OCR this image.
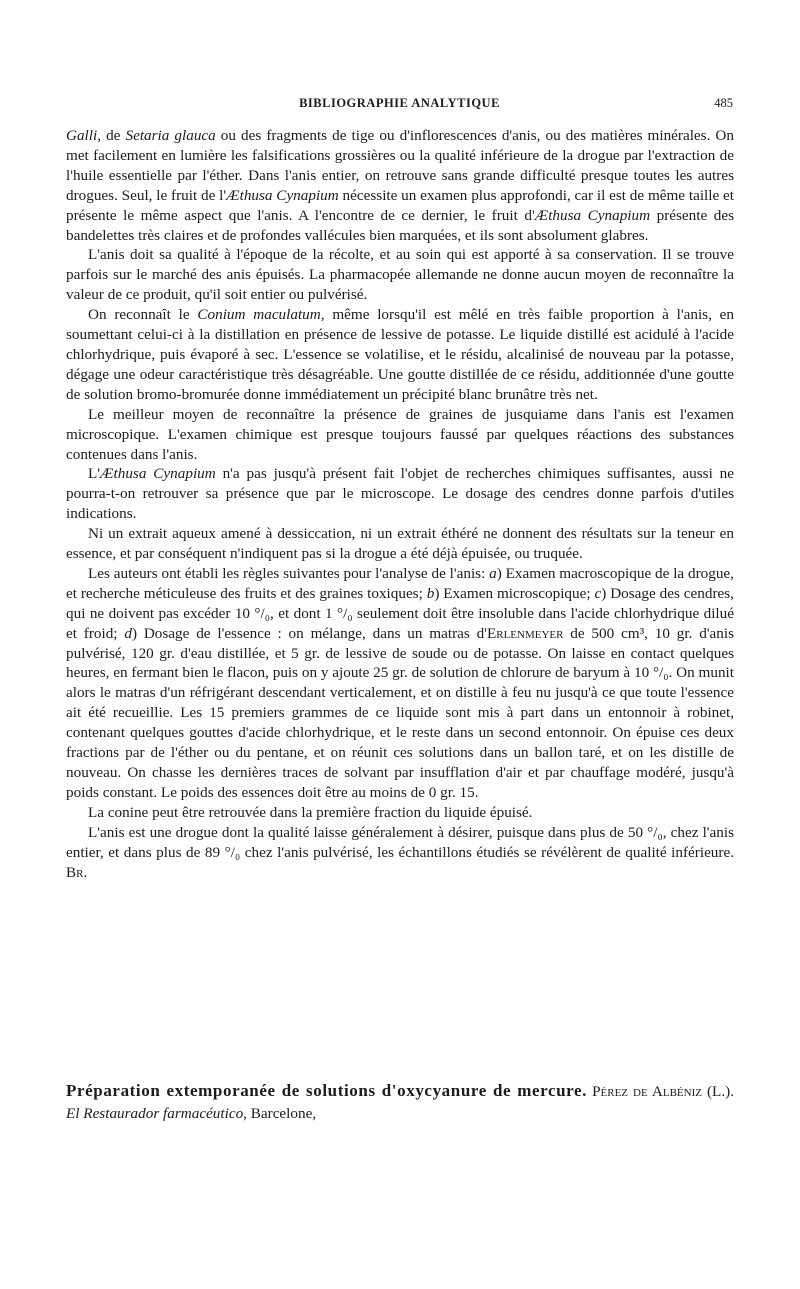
BIBLIOGRAPHIE ANALYTIQUE	485

Galli, de Setaria glauca ou des fragments de tige ou d'inflorescences d'anis, ou des matières minérales. On met facilement en lumière les falsifications grossières ou la qualité inférieure de la drogue par l'extraction de l'huile essentielle par l'éther. Dans l'anis entier, on retrouve sans grande difficulté presque toutes les autres drogues. Seul, le fruit de l'Æthusa Cynapium nécessite un examen plus approfondi, car il est de même taille et présente le même aspect que l'anis. A l'encontre de ce dernier, le fruit d'Æthusa Cynapium présente des bandelettes très claires et de profondes vallécules bien marquées, et ils sont absolument glabres.

L'anis doit sa qualité à l'époque de la récolte, et au soin qui est apporté à sa conservation. Il se trouve parfois sur le marché des anis épuisés. La pharmacopée allemande ne donne aucun moyen de reconnaître la valeur de ce produit, qu'il soit entier ou pulvérisé.

On reconnaît le Conium maculatum, même lorsqu'il est mêlé en très faible proportion à l'anis, en soumettant celui-ci à la distillation en présence de lessive de potasse. Le liquide distillé est acidulé à l'acide chlorhydrique, puis évaporé à sec. L'essence se volatilise, et le résidu, alcalinisé de nouveau par la potasse, dégage une odeur caractéristique très désagréable. Une goutte distillée de ce résidu, additionnée d'une goutte de solution bromo-bromurée donne immédiatement un précipité blanc brunâtre très net.

Le meilleur moyen de reconnaître la présence de graines de jusquiame dans l'anis est l'examen microscopique. L'examen chimique est presque toujours faussé par quelques réactions des substances contenues dans l'anis.

L'Æthusa Cynapium n'a pas jusqu'à présent fait l'objet de recherches chimiques suffisantes, aussi ne pourra-t-on retrouver sa présence que par le microscope. Le dosage des cendres donne parfois d'utiles indications.

Ni un extrait aqueux amené à dessiccation, ni un extrait éthéré ne donnent des résultats sur la teneur en essence, et par conséquent n'indiquent pas si la drogue a été déjà épuisée, ou truquée.

Les auteurs ont établi les règles suivantes pour l'analyse de l'anis: a) Examen macroscopique de la drogue, et recherche méticuleuse des fruits et des graines toxiques; b) Examen microscopique; c) Dosage des cendres, qui ne doivent pas excéder 10 °/₀, et dont 1 °/₀ seulement doit être insoluble dans l'acide chlorhydrique dilué et froid; d) Dosage de l'essence : on mélange, dans un matras d'Erlenmeyer de 500 cm³, 10 gr. d'anis pulvérisé, 120 gr. d'eau distillée, et 5 gr. de lessive de soude ou de potasse. On laisse en contact quelques heures, en fermant bien le flacon, puis on y ajoute 25 gr. de solution de chlorure de baryum à 10 °/₀. On munit alors le matras d'un réfrigérant descendant verticalement, et on distille à feu nu jusqu'à ce que toute l'essence ait été recueillie. Les 15 premiers grammes de ce liquide sont mis à part dans un entonnoir à robinet, contenant quelques gouttes d'acide chlorhydrique, et le reste dans un second entonnoir. On épuise ces deux fractions par de l'éther ou du pentane, et on réunit ces solutions dans un ballon taré, et on les distille de nouveau. On chasse les dernières traces de solvant par insufflation d'air et par chauffage modéré, jusqu'à poids constant. Le poids des essences doit être au moins de 0 gr. 15.

La conine peut être retrouvée dans la première fraction du liquide épuisé.

L'anis est une drogue dont la qualité laisse généralement à désirer, puisque dans plus de 50 °/₀, chez l'anis entier, et dans plus de 89 °/₀ chez l'anis pulvérisé, les échantillons étudiés se révélèrent de qualité inférieure. Br.

Préparation extemporanée de solutions d'oxycyanure de mercure. Pérez de Albéniz (L.). El Restaurador farmacéutico, Barcelone,
